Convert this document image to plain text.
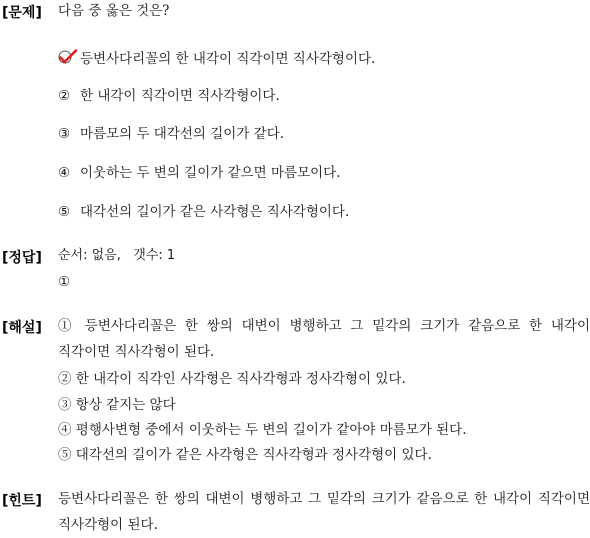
[문제] 다음 중 옳은 것은?
등변사다리꼴의 한 내각이 직각이면 직사각형이다.
② 한 내각이 직각이면 직사각형이다.
③ 마름모의 두 대각선의 길이가 같다.
④ 이웃하는 두 변의 길이가 같으면 마름모이다.
⑤ 대각선의 길이가 같은 사각형은 직사각형이다.
[정답] 순서: 없음,   갯수: 1
①
[해설] ① 등변사다리꼴은 한 쌍의 대변이 병행하고 그 밑각의 크기가 같음으로 한 내각이 직각이면 직사각형이 된다.
② 한 내각이 직각인 사각형은 직사각형과 정사각형이 있다.
③ 항상 같지는 않다
④ 평행사변형 중에서 이웃하는 두 변의 길이가 같아야 마름모가 된다.
⑤ 대각선의 길이가 같은 사각형은 직사각형과 정사각형이 있다.
[힌트] 등변사다리꼴은 한 쌍의 대변이 병행하고 그 밑각의 크기가 같음으로 한 내각이 직각이면 직사각형이 된다.
